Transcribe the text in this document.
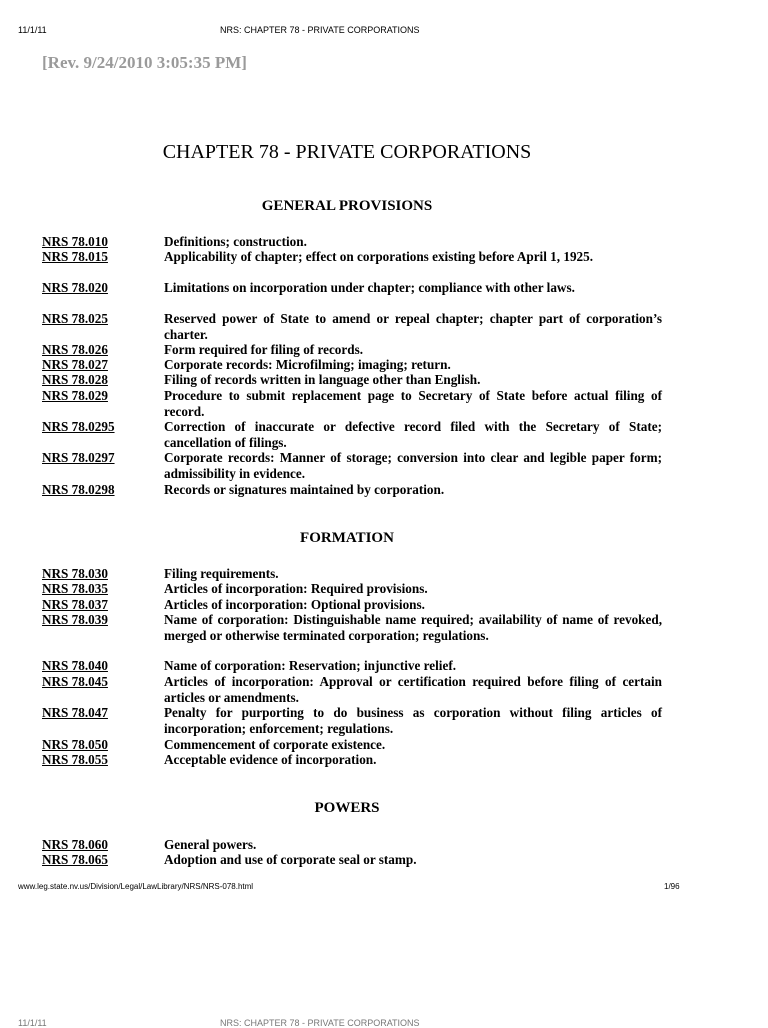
11/1/11	NRS: CHAPTER 78 - PRIVATE CORPORATIONS
[Rev. 9/24/2010 3:05:35 PM]
CHAPTER 78 - PRIVATE CORPORATIONS
GENERAL PROVISIONS
NRS 78.010	Definitions; construction.
NRS 78.015	Applicability of chapter; effect on corporations existing before April 1, 1925.
NRS 78.020	Limitations on incorporation under chapter; compliance with other laws.
NRS 78.025	Reserved power of State to amend or repeal chapter; chapter part of corporation’s charter.
NRS 78.026	Form required for filing of records.
NRS 78.027	Corporate records: Microfilming; imaging; return.
NRS 78.028	Filing of records written in language other than English.
NRS 78.029	Procedure to submit replacement page to Secretary of State before actual filing of record.
NRS 78.0295	Correction of inaccurate or defective record filed with the Secretary of State; cancellation of filings.
NRS 78.0297	Corporate records: Manner of storage; conversion into clear and legible paper form; admissibility in evidence.
NRS 78.0298	Records or signatures maintained by corporation.
FORMATION
NRS 78.030	Filing requirements.
NRS 78.035	Articles of incorporation: Required provisions.
NRS 78.037	Articles of incorporation: Optional provisions.
NRS 78.039	Name of corporation: Distinguishable name required; availability of name of revoked, merged or otherwise terminated corporation; regulations.
NRS 78.040	Name of corporation: Reservation; injunctive relief.
NRS 78.045	Articles of incorporation: Approval or certification required before filing of certain articles or amendments.
NRS 78.047	Penalty for purporting to do business as corporation without filing articles of incorporation; enforcement; regulations.
NRS 78.050	Commencement of corporate existence.
NRS 78.055	Acceptable evidence of incorporation.
POWERS
NRS 78.060	General powers.
NRS 78.065	Adoption and use of corporate seal or stamp.
www.leg.state.nv.us/Division/Legal/LawLibrary/NRS/NRS-078.html	1/96
11/1/11	NRS: CHAPTER 78 - PRIVATE CORPORATIONS
